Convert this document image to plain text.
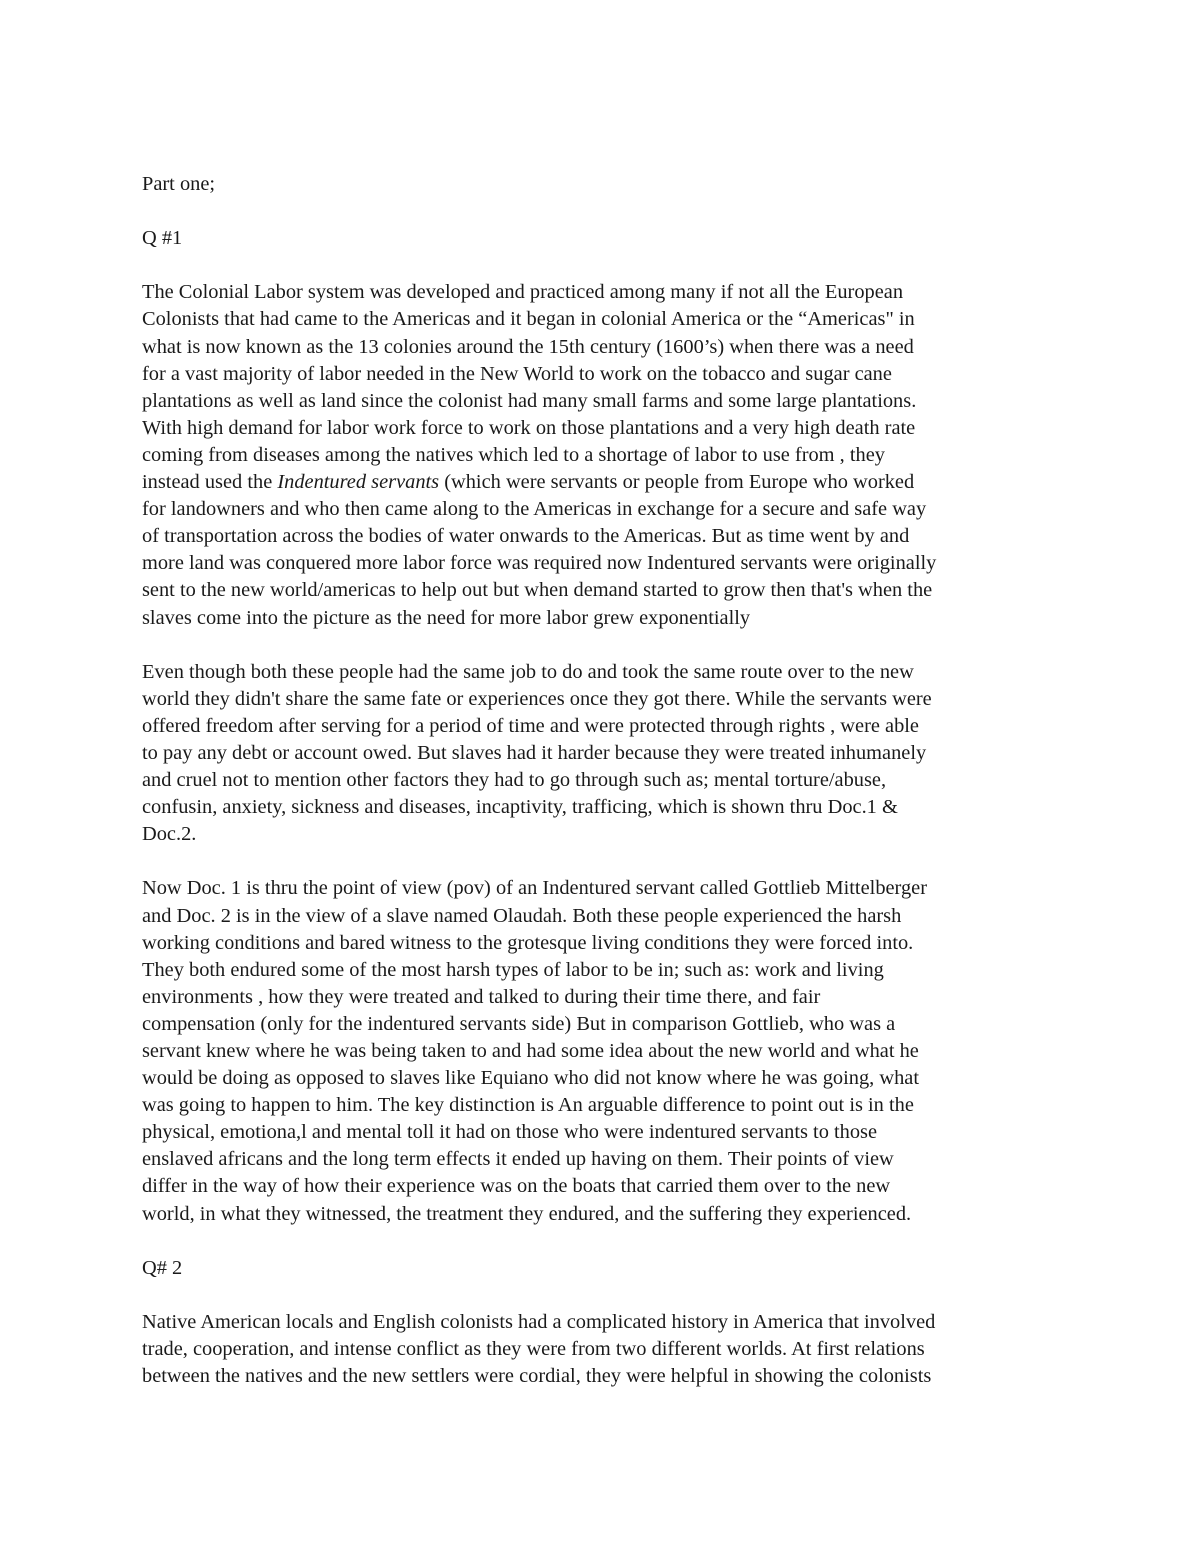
Part one;
Q #1
The Colonial Labor system was developed and practiced among many if not all the European
Colonists that had came to the Americas and it began in colonial America or the “Americas" in
what is now known as the 13 colonies around the 15th century (1600’s) when there was a need
for a vast majority of labor needed in the New World to work on the tobacco and sugar cane
plantations as well as land since the colonist had many small farms and some large plantations.
With high demand for labor work force to work on those plantations and a very high death rate
coming from diseases among the natives which led to a shortage of labor to use from , they
instead used the Indentured servants (which were servants or people from Europe who worked
for landowners and who then came along to the Americas in exchange for a secure and safe way
of transportation across the bodies of water onwards to the Americas. But as time went by and
more land was conquered more labor force was required now Indentured servants were originally
sent to the new world/americas to help out but when demand started to grow then that's when the
slaves come into the picture as the need for more labor grew exponentially
Even though both these people had the same job to do and took the same route over to the new
world they didn't share the same fate or experiences once they got there. While the servants were
offered freedom after serving for a period of time and were protected through rights , were able
to pay any debt or account owed. But slaves had it harder because they were treated inhumanely
and cruel not to mention other factors they had to go through such as; mental torture/abuse,
confusin, anxiety, sickness and diseases, incaptivity, trafficing, which is shown thru Doc.1 &
Doc.2.
Now Doc. 1 is thru the point of view (pov) of an Indentured servant called Gottlieb Mittelberger
and Doc. 2 is in the view of a slave named Olaudah. Both these people experienced the harsh
working conditions and bared witness to the grotesque living conditions they were forced into.
They both endured some of the most harsh types of labor to be in; such as: work and living
environments , how they were treated and talked to during their time there, and fair
compensation (only for the indentured servants side) But in comparison Gottlieb, who was a
servant knew where he was being taken to and had some idea about the new world and what he
would be doing as opposed to slaves like Equiano who did not know where he was going, what
was going to happen to him. The key distinction is An arguable difference to point out is in the
physical, emotiona,l and mental toll it had on those who were indentured servants to those
enslaved africans and the long term effects it ended up having on them. Their points of view
differ in the way of how their experience was on the boats that carried them over to the new
world, in what they witnessed, the treatment they endured, and the suffering they experienced.
Q# 2
Native American locals and English colonists had a complicated history in America that involved
trade, cooperation, and intense conflict as they were from two different worlds. At first relations
between the natives and the new settlers were cordial, they were helpful in showing the colonists
